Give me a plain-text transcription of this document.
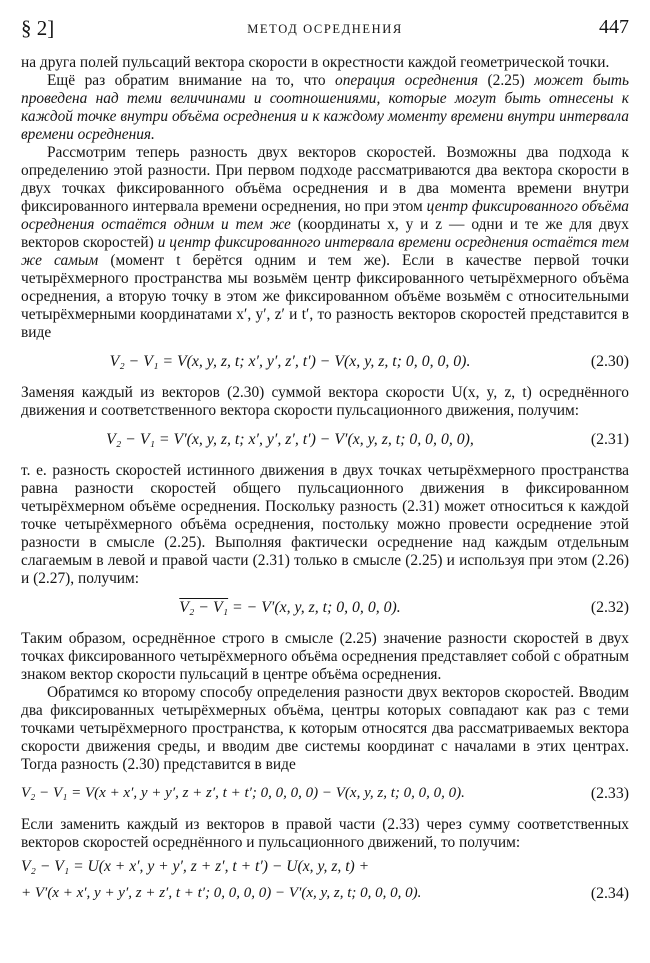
§ 2]	МЕТОД ОСРЕДНЕНИЯ	447

на друга полей пульсаций вектора скорости в окрестности каждой геометрической точки.

Ещё раз обратим внимание на то, что операция осреднения (2.25) может быть проведена над теми величинами и соотношениями, которые могут быть отнесены к каждой точке внутри объёма осреднения и к каждому моменту времени внутри интервала времени осреднения.

Рассмотрим теперь разность двух векторов скоростей. Возможны два подхода к определению этой разности. При первом подходе рассматриваются два вектора скорости в двух точках фиксированного объёма осреднения и в два момента времени внутри фиксированного интервала времени осреднения, но при этом центр фиксированного объёма осреднения остаётся одним и тем же (координаты x, y и z — одни и те же для двух векторов скоростей) и центр фиксированного интервала времени осреднения остаётся тем же самым (момент t берётся одним и тем же). Если в качестве первой точки четырёхмерного пространства мы возьмём центр фиксированного четырёхмерного объёма осреднения, а вторую точку в этом же фиксированном объёме возьмём с относительными четырёхмерными координатами x′, y′, z′ и t′, то разность векторов скоростей представится в виде

V₂ − V₁ = V(x, y, z, t; x′, y′, z′, t′) − V(x, y, z, t; 0, 0, 0, 0).	(2.30)

Заменяя каждый из векторов (2.30) суммой вектора скорости U(x, y, z, t) осреднённого движения и соответственного вектора скорости пульсационного движения, получим:

V₂ − V₁ = V′(x, y, z, t; x′, y′, z′, t′) − V′(x, y, z, t; 0, 0, 0, 0),	(2.31)

т. е. разность скоростей истинного движения в двух точках четырёхмерного пространства равна разности скоростей общего пульсационного движения в фиксированном четырёхмерном объёме осреднения. Поскольку разность (2.31) может относиться к каждой точке четырёхмерного объёма осреднения, постольку можно провести осреднение этой разности в смысле (2.25). Выполняя фактически осреднение над каждым отдельным слагаемым в левой и правой части (2.31) только в смысле (2.25) и используя при этом (2.26) и (2.27), получим:

V₂ − V₁ = − V′(x, y, z, t; 0, 0, 0, 0).	(2.32)

Таким образом, осреднённое строго в смысле (2.25) значение разности скоростей в двух точках фиксированного четырёхмерного объёма осреднения представляет собой с обратным знаком вектор скорости пульсаций в центре объёма осреднения.

Обратимся ко второму способу определения разности двух векторов скоростей. Вводим два фиксированных четырёхмерных объёма, центры которых совпадают как раз с теми точками четырёхмерного пространства, к которым относятся два рассматриваемых вектора скорости движения среды, и вводим две системы координат с началами в этих центрах. Тогда разность (2.30) представится в виде

V₂ − V₁ = V(x + x′, y + y′, z + z′, t + t′; 0, 0, 0, 0) − V(x, y, z, t; 0, 0, 0, 0).	(2.33)

Если заменить каждый из векторов в правой части (2.33) через сумму соответственных векторов скоростей осреднённого и пульсационного движений, то получим:

V₂ − V₁ = U(x + x′, y + y′, z + z′, t + t′) − U(x, y, z, t) +
+ V′(x + x′, y + y′, z + z′, t + t′; 0, 0, 0, 0) − V′(x, y, z, t; 0, 0, 0, 0).	(2.34)
